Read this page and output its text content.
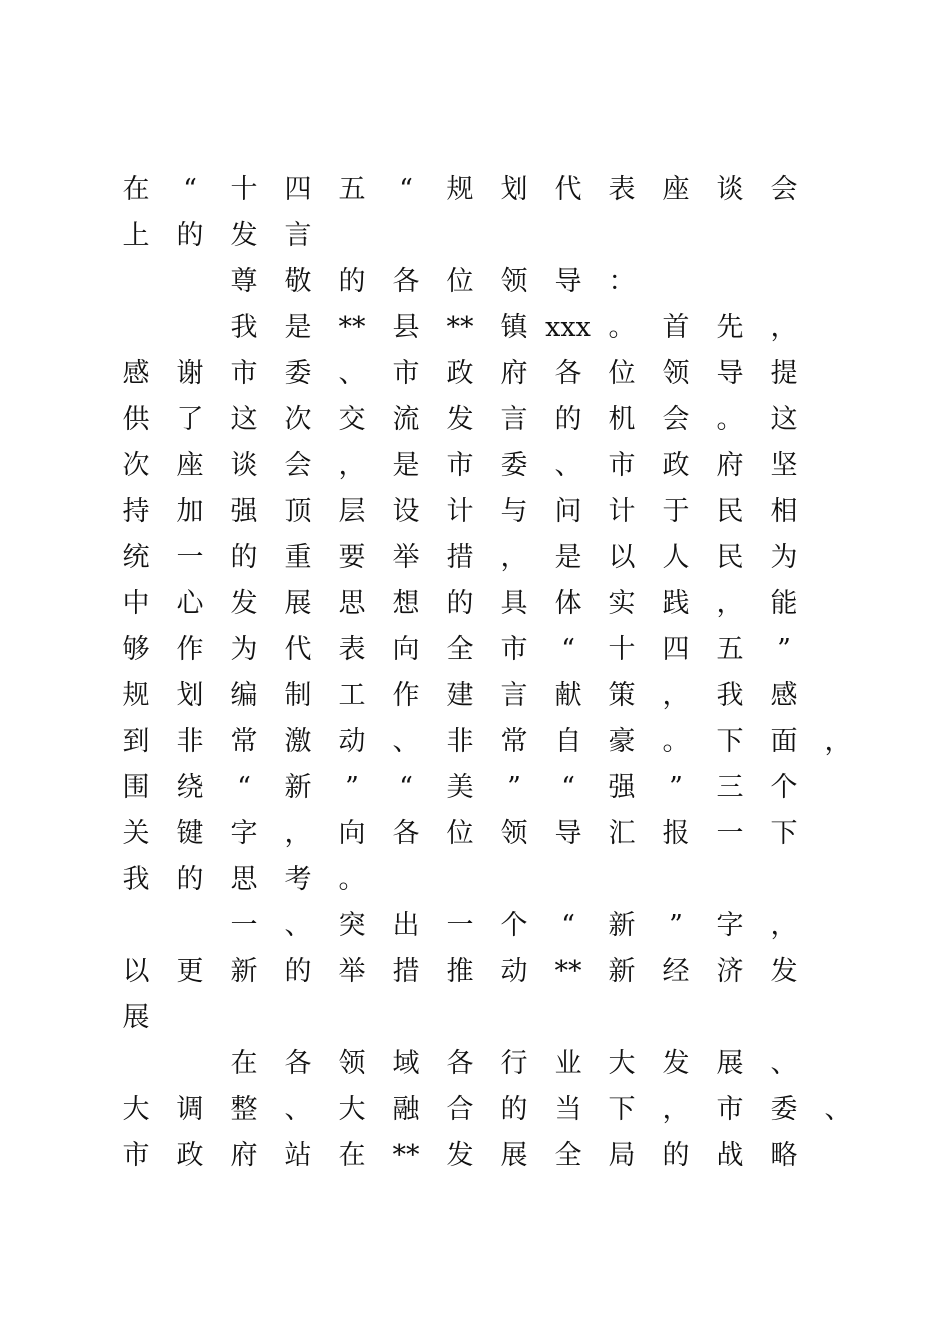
在	“	十	四	五	“	规	划	代	表	座	谈	会
上	的	发	言
尊	敬	的	各	位	领	导	：
我	是	**	县	**	镇 xxx 。	首	先	，
感	谢	市	委	、	市	政	府	各	位	领	导	提
供	了	这	次	交	流	发	言	的	机	会	。	这
次	座	谈	会	，	是	市	委	、	市	政	府	坚
持	加	强	顶	层	设	计	与	问	计	于	民	相
统	一	的	重	要	举	措	，	是	以	人	民	为
中	心	发	展	思	想	的	具	体	实	践	，	能
够	作	为	代	表	向	全	市	“	十	四	五	”
规	划	编	制	工	作	建	言	献	策	，	我	感
到	非	常	激	动	、	非	常	自	豪	。	下	面	，
围	绕	“	新	”	“	美	”	“	强	”	三	个
关	键	字	，	向	各	位	领	导	汇	报	一	下
我	的	思	考	。
一	、	突	出	一	个	“	新	”	字	，
以	更	新	的	举	措	推	动	**	新	经	济	发
展
在	各	领	域	各	行	业	大	发	展	、
大	调	整	、	大	融	合	的	当	下	，	市	委	、
市	政	府	站	在	**	发	展	全	局	的	战	略
